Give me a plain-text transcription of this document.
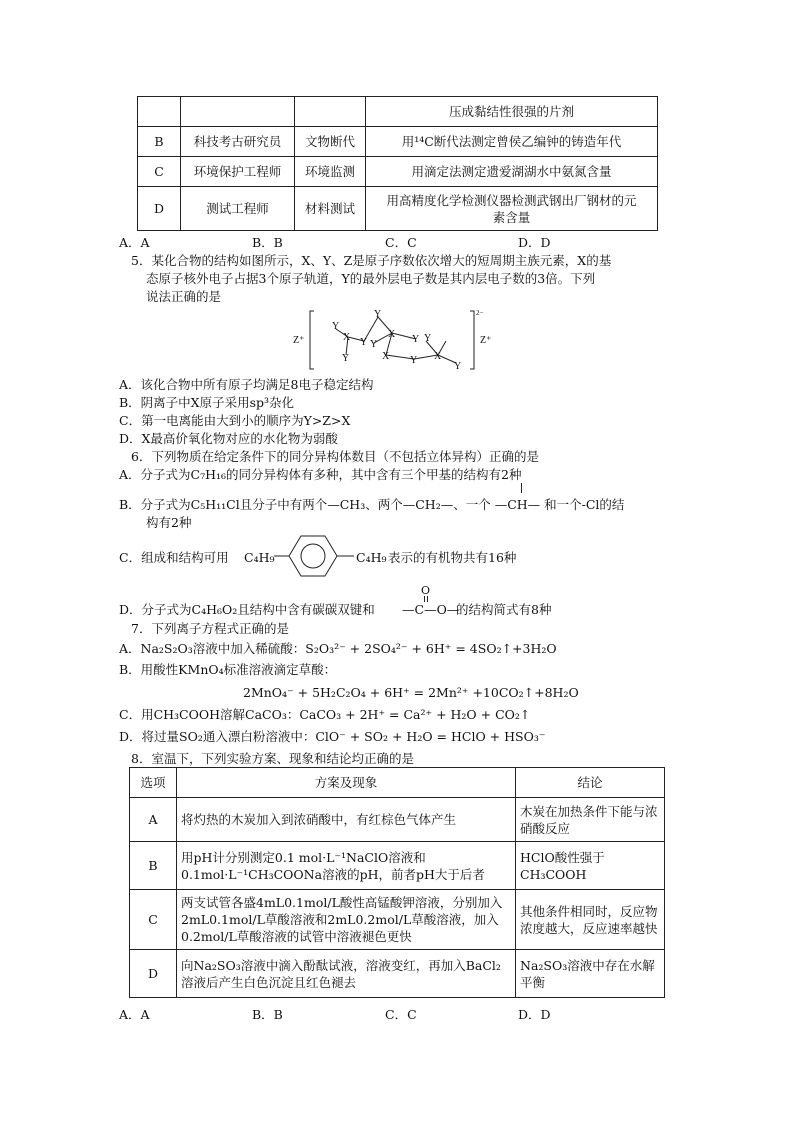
			压成黏结性很强的片剂
B	科技考古研究员	文物断代	用¹⁴C断代法测定曾侯乙编钟的铸造年代
C	环境保护工程师	环境监测	用滴定法测定遗爱湖湖水中氨氮含量
D	测试工程师	材料测试	用高精度化学检测仪器检测武钢出厂钢材的元素含量
A．A	B．B	C．C	D．D
5．某化合物的结构如图所示，X、Y、Z是原子序数依次增大的短周期主族元素，X的基
态原子核外电子占据3个原子轨道，Y的最外层电子数是其内层电子数的3倍。下列
说法正确的是
Z⁺
Y
X
Y
Y
Y
X
Y	Y
X Y X
Y
Y
2−
Z⁺
A．该化合物中所有原子均满足8电子稳定结构
B．阴离子中X原子采用sp³杂化
C．第一电离能由大到小的顺序为Y>Z>X
D．X最高价氧化物对应的水化物为弱酸
6．下列物质在给定条件下的同分异构体数目（不包括立体异构）正确的是
A．分子式为C₇H₁₆的同分异构体有多种，其中含有三个甲基的结构有2种
B．分子式为C₅H₁₁Cl且分子中有两个—CH₃、两个—CH₂—、一个 —CH— 和一个-Cl的结
构有2种
C．组成和结构可用 C₄H₉	C₄H₉ 表示的有机物共有16种
D．分子式为C₄H₆O₂且结构中含有碳碳双键和
O
—C—O—
的结构简式有8种
7．下列离子方程式正确的是
A．Na₂S₂O₃溶液中加入稀硫酸：S₂O₃²⁻ + 2SO₄²⁻ + 6H⁺ = 4SO₂↑+3H₂O
B．用酸性KMnO₄标准溶液滴定草酸：
2MnO₄⁻ + 5H₂C₂O₄ + 6H⁺ = 2Mn²⁺ +10CO₂↑+8H₂O
C．用CH₃COOH溶解CaCO₃：CaCO₃ + 2H⁺ = Ca²⁺ + H₂O + CO₂↑
D．将过量SO₂通入漂白粉溶液中：ClO⁻ + SO₂ + H₂O = HClO + HSO₃⁻
8．室温下，下列实验方案、现象和结论均正确的是
选项	方案及现象	结论
A	将灼热的木炭加入到浓硝酸中，有红棕色气体产生	木炭在加热条件下能与浓硝酸反应
B	用pH计分别测定0.1 mol·L⁻¹NaClO溶液和0.1mol·L⁻¹CH₃COONa溶液的pH，前者pH大于后者	HClO酸性强于CH₃COOH
C	两支试管各盛4mL0.1mol/L酸性高锰酸钾溶液，分别加入2mL0.1mol/L草酸溶液和2mL0.2mol/L草酸溶液，加入0.2mol/L草酸溶液的试管中溶液褪色更快	其他条件相同时，反应物浓度越大，反应速率越快
D	向Na₂SO₃溶液中滴入酚酞试液，溶液变红，再加入BaCl₂溶液后产生白色沉淀且红色褪去	Na₂SO₃溶液中存在水解平衡
A．A	B．B	C．C	D．D
